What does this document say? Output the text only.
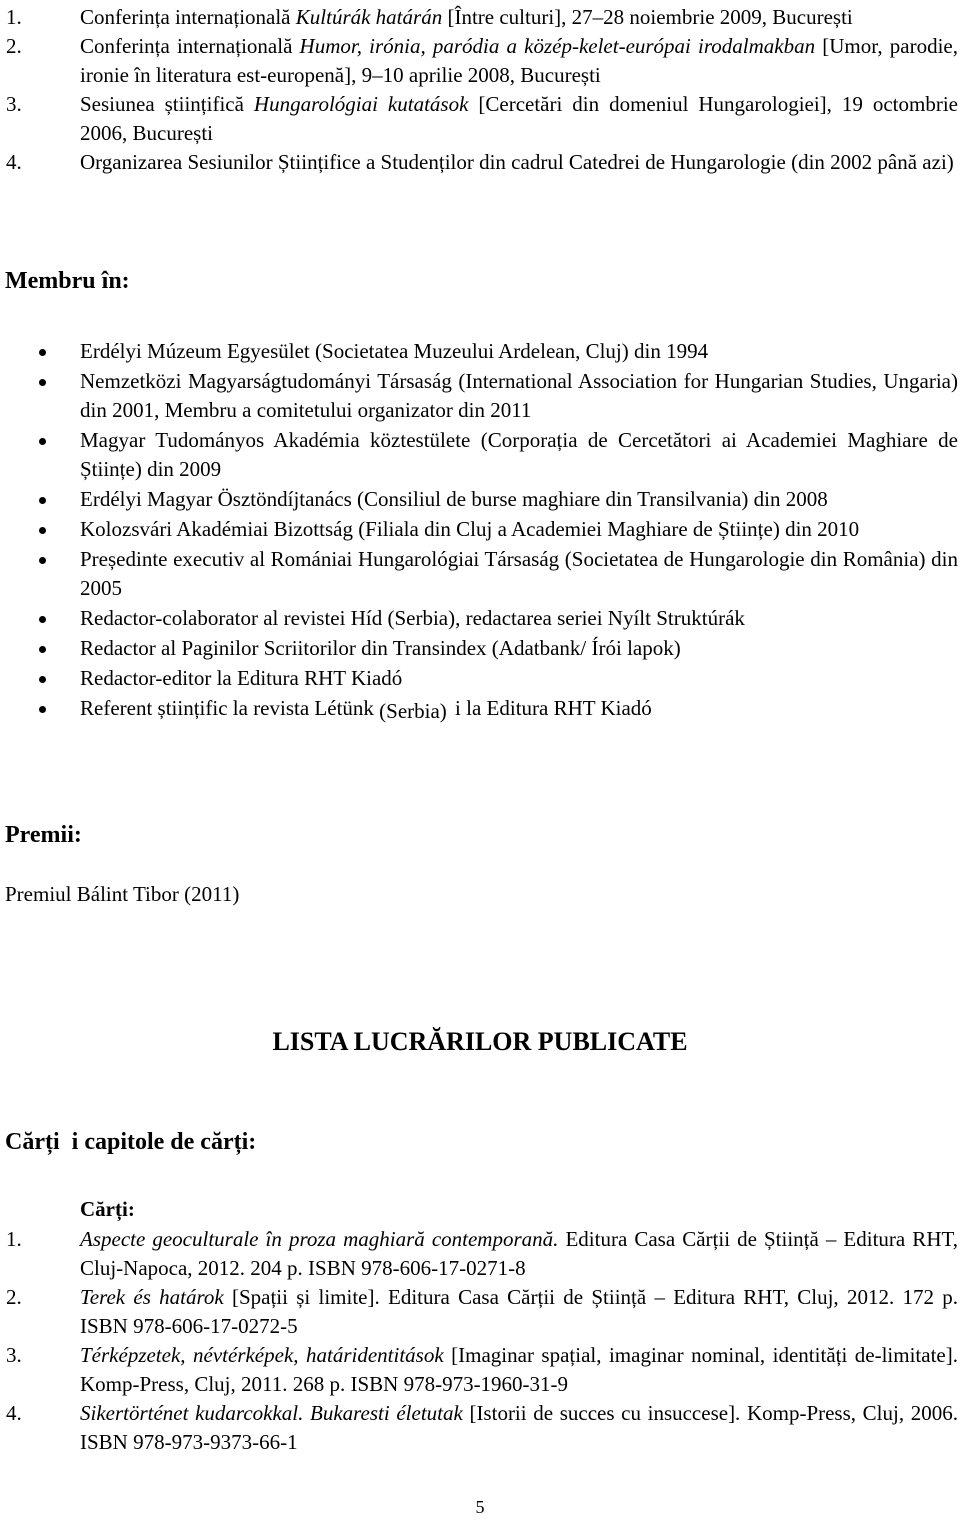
1.	Conferința internațională Kultúrák határán [Între culturi], 27–28 noiembrie 2009, București
2.	Conferința internațională Humor, irónia, paródia a közép-kelet-európai irodalmakban [Umor, parodie, ironie în literatura est-europenă], 9–10 aprilie 2008, București
3.	Sesiunea științifică Hungarológiai kutatások [Cercetări din domeniul Hungarologiei], 19 octombrie 2006, București
4.	Organizarea Sesiunilor Științifice a Studenților din cadrul Catedrei de Hungarologie (din 2002 până azi)
Membru în:
Erdélyi Múzeum Egyesület (Societatea Muzeului Ardelean, Cluj) din 1994
Nemzetközi Magyarságtudományi Társaság (International Association for Hungarian Studies, Ungaria) din 2001, Membru a comitetului organizator din 2011
Magyar Tudományos Akadémia köztestülete (Corporația de Cercetători ai Academiei Maghiare de Științe) din 2009
Erdélyi Magyar Ösztöndíjtanács (Consiliul de burse maghiare din Transilvania) din 2008
Kolozsvári Akadémiai Bizottság (Filiala din Cluj a Academiei Maghiare de Științe) din 2010
Președinte executiv al Romániai Hungarológiai Társaság (Societatea de Hungarologie din România) din 2005
Redactor-colaborator al revistei Híd (Serbia), redactarea seriei Nyílt Struktúrák
Redactor al Paginilor Scriitorilor din Transindex (Adatbank/ Írói lapok)
Redactor-editor la Editura RHT Kiadó
Referent științific la revista Létünk (Serbia) i la Editura RHT Kiadó
Premii:
Premiul Bálint Tibor (2011)
LISTA LUCRĂRILOR PUBLICATE
Cărți  i capitole de cărți:
Cărți:
1.	Aspecte geoculturale în proza maghiară contemporană. Editura Casa Cărții de Știință – Editura RHT, Cluj-Napoca, 2012. 204 p. ISBN 978-606-17-0271-8
2.	Terek és határok [Spații și limite]. Editura Casa Cărții de Știință – Editura RHT, Cluj, 2012. 172 p. ISBN 978-606-17-0272-5
3.	Térképzetek, névtérképek, határidentitások [Imaginar spațial, imaginar nominal, identități de-limitate]. Komp-Press, Cluj, 2011. 268 p. ISBN 978-973-1960-31-9
4.	Sikertörténet kudarcokkal. Bukaresti életutak [Istorii de succes cu insuccese]. Komp-Press, Cluj, 2006. ISBN 978-973-9373-66-1
5
